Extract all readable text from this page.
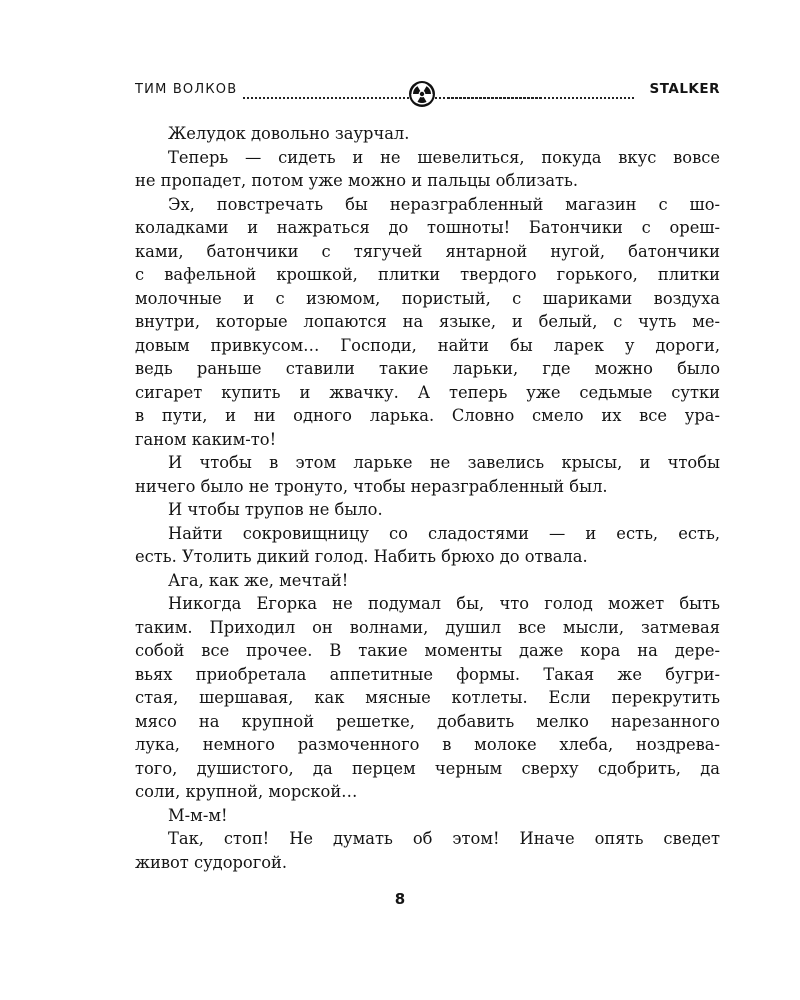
ТИМ ВОЛКОВ	STALKER
Желудок довольно заурчал.
Теперь — сидеть и не шевелиться, покуда вкус вовсе
не пропадет, потом уже можно и пальцы облизать.
Эх, повстречать бы неразграбленный магазин с шо-
коладками и нажраться до тошноты! Батончики с ореш-
ками, батончики с тягучей янтарной нугой, батончики
с вафельной крошкой, плитки твердого горького, плитки
молочные и с изюмом, пористый, с шариками воздуха
внутри, которые лопаются на языке, и белый, с чуть ме-
довым привкусом… Господи, найти бы ларек у дороги,
ведь раньше ставили такие ларьки, где можно было
сигарет купить и жвачку. А теперь уже седьмые сутки
в пути, и ни одного ларька. Словно смело их все ура-
ганом каким-то!
И чтобы в этом ларьке не завелись крысы, и чтобы
ничего было не тронуто, чтобы неразграбленный был.
И чтобы трупов не было.
Найти сокровищницу со сладостями — и есть, есть,
есть. Утолить дикий голод. Набить брюхо до отвала.
Ага, как же, мечтай!
Никогда Егорка не подумал бы, что голод может быть
таким. Приходил он волнами, душил все мысли, затмевая
собой все прочее. В такие моменты даже кора на дере-
вьях приобретала аппетитные формы. Такая же бугри-
стая, шершавая, как мясные котлеты. Если перекрутить
мясо на крупной решетке, добавить мелко нарезанного
лука, немного размоченного в молоке хлеба, ноздрева-
того, душистого, да перцем черным сверху сдобрить, да
соли, крупной, морской…
М-м-м!
Так, стоп! Не думать об этом! Иначе опять сведет
живот судорогой.
8
